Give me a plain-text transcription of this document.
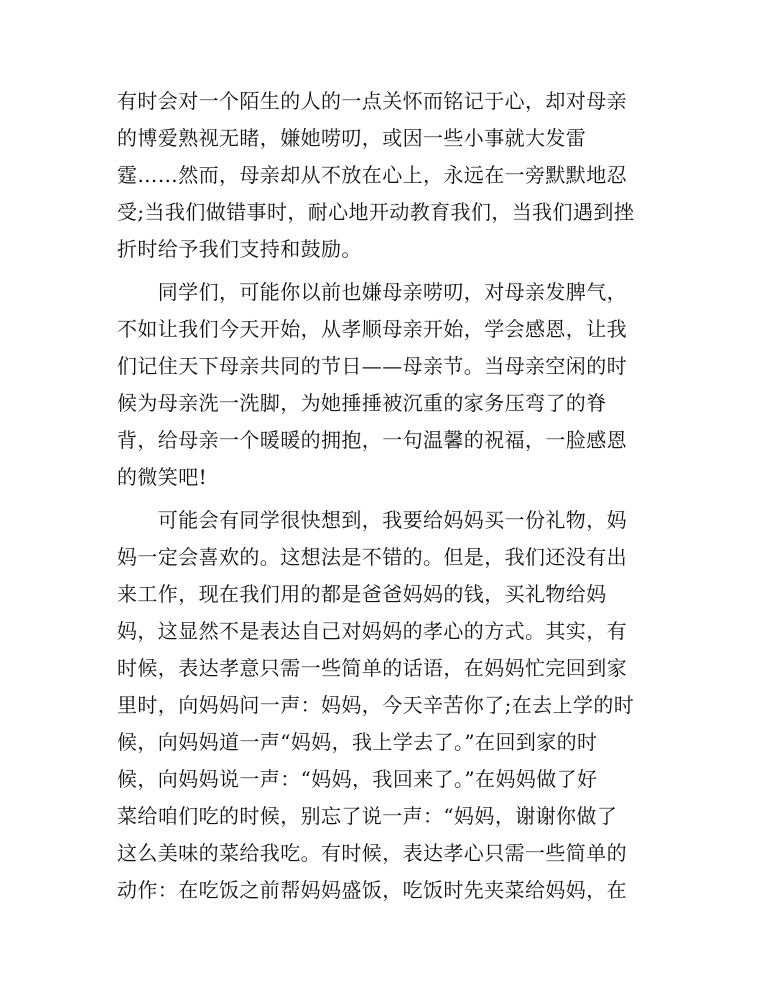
有时会对一个陌生的人的一点关怀而铭记于心，却对母亲
的博爱熟视无睹，嫌她唠叨，或因一些小事就大发雷
霆……然而，母亲却从不放在心上，永远在一旁默默地忍
受;当我们做错事时，耐心地开动教育我们，当我们遇到挫
折时给予我们支持和鼓励。
　　同学们，可能你以前也嫌母亲唠叨，对母亲发脾气，
不如让我们今天开始，从孝顺母亲开始，学会感恩，让我
们记住天下母亲共同的节日——母亲节。当母亲空闲的时
候为母亲洗一洗脚，为她捶捶被沉重的家务压弯了的脊
背，给母亲一个暖暖的拥抱，一句温馨的祝福，一脸感恩
的微笑吧!
　　可能会有同学很快想到，我要给妈妈买一份礼物，妈
妈一定会喜欢的。这想法是不错的。但是，我们还没有出
来工作，现在我们用的都是爸爸妈妈的钱，买礼物给妈
妈，这显然不是表达自己对妈妈的孝心的方式。其实，有
时候，表达孝意只需一些简单的话语，在妈妈忙完回到家
里时，向妈妈问一声：妈妈，今天辛苦你了;在去上学的时
候，向妈妈道一声“妈妈，我上学去了。”在回到家的时
候，向妈妈说一声：“妈妈，我回来了。”在妈妈做了好
菜给咱们吃的时候，别忘了说一声：“妈妈，谢谢你做了
这么美味的菜给我吃。有时候，表达孝心只需一些简单的
动作：在吃饭之前帮妈妈盛饭，吃饭时先夹菜给妈妈，在
